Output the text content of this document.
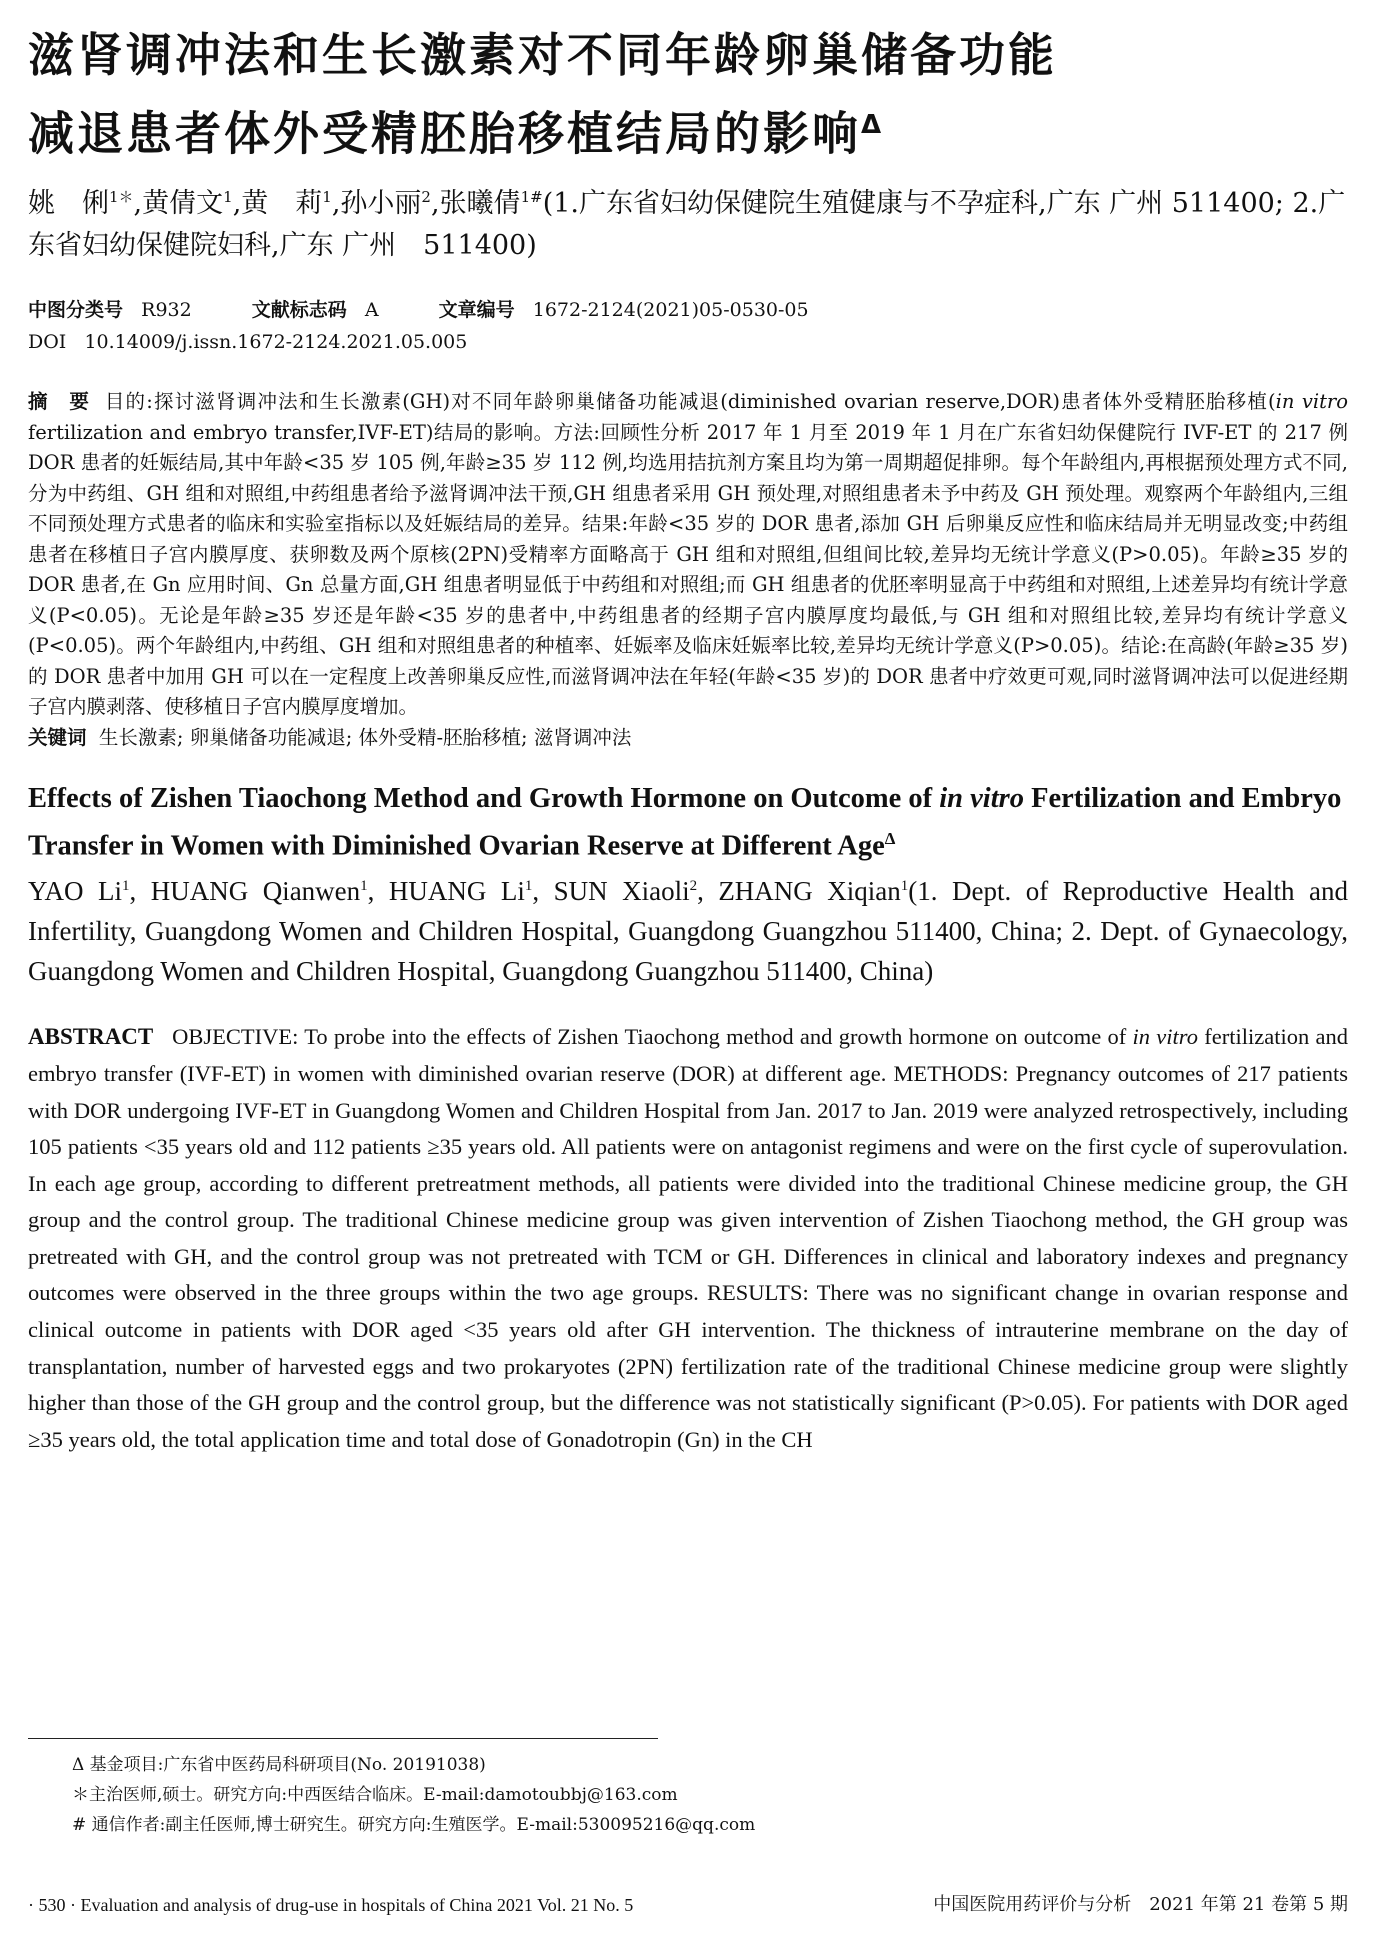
滋肾调冲法和生长激素对不同年龄卵巢储备功能
减退患者体外受精胚胎移植结局的影响$^\Delta$
姚　俐$^{1*}$,黄倩文$^1$,黄　莉$^1$,孙小丽$^2$,张曦倩$^{1\#}$(1.广东省妇幼保健院生殖健康与不孕症科,广东 广州 511400; 2.广东省妇幼保健院妇科,广东 广州　511400)
中图分类号 R932	文献标志码 A	文章编号 1672-2124(2021)05-0530-05
DOI 10.14009/j.issn.1672-2124.2021.05.005
摘　要 目的:探讨滋肾调冲法和生长激素(GH)对不同年龄卵巢储备功能减退(diminished ovarian reserve,DOR)患者体外受精胚胎移植(in vitro fertilization and embryo transfer,IVF-ET)结局的影响。方法:回顾性分析 2017 年 1 月至 2019 年 1 月在广东省妇幼保健院行 IVF-ET 的 217 例 DOR 患者的妊娠结局,其中年龄<35 岁 105 例,年龄≥35 岁 112 例,均选用拮抗剂方案且均为第一周期超促排卵。每个年龄组内,再根据预处理方式不同,分为中药组、GH 组和对照组,中药组患者给予滋肾调冲法干预,GH 组患者采用 GH 预处理,对照组患者未予中药及 GH 预处理。观察两个年龄组内,三组不同预处理方式患者的临床和实验室指标以及妊娠结局的差异。结果:年龄<35 岁的 DOR 患者,添加 GH 后卵巢反应性和临床结局并无明显改变;中药组患者在移植日子宫内膜厚度、获卵数及两个原核(2PN)受精率方面略高于 GH 组和对照组,但组间比较,差异均无统计学意义(P>0.05)。年龄≥35 岁的 DOR 患者,在 Gn 应用时间、Gn 总量方面,GH 组患者明显低于中药组和对照组;而 GH 组患者的优胚率明显高于中药组和对照组,上述差异均有统计学意义(P<0.05)。无论是年龄≥35 岁还是年龄<35 岁的患者中,中药组患者的经期子宫内膜厚度均最低,与 GH 组和对照组比较,差异均有统计学意义(P<0.05)。两个年龄组内,中药组、GH 组和对照组患者的种植率、妊娠率及临床妊娠率比较,差异均无统计学意义(P>0.05)。结论:在高龄(年龄≥35 岁)的 DOR 患者中加用 GH 可以在一定程度上改善卵巢反应性,而滋肾调冲法在年轻(年龄<35 岁)的 DOR 患者中疗效更可观,同时滋肾调冲法可以促进经期子宫内膜剥落、使移植日子宫内膜厚度增加。
关键词 生长激素; 卵巢储备功能减退; 体外受精-胚胎移植; 滋肾调冲法
Effects of Zishen Tiaochong Method and Growth Hormone on Outcome of in vitro Fertilization and Embryo Transfer in Women with Diminished Ovarian Reserve at Different Age$^\Delta$
YAO Li$^1$, HUANG Qianwen$^1$, HUANG Li$^1$, SUN Xiaoli$^2$, ZHANG Xiqian$^1$(1. Dept. of Reproductive Health and Infertility, Guangdong Women and Children Hospital, Guangdong Guangzhou 511400, China; 2. Dept. of Gynaecology, Guangdong Women and Children Hospital, Guangdong Guangzhou 511400, China)
ABSTRACT OBJECTIVE: To probe into the effects of Zishen Tiaochong method and growth hormone on outcome of in vitro fertilization and embryo transfer (IVF-ET) in women with diminished ovarian reserve (DOR) at different age. METHODS: Pregnancy outcomes of 217 patients with DOR undergoing IVF-ET in Guangdong Women and Children Hospital from Jan. 2017 to Jan. 2019 were analyzed retrospectively, including 105 patients <35 years old and 112 patients ≥35 years old. All patients were on antagonist regimens and were on the first cycle of superovulation. In each age group, according to different pretreatment methods, all patients were divided into the traditional Chinese medicine group, the GH group and the control group. The traditional Chinese medicine group was given intervention of Zishen Tiaochong method, the GH group was pretreated with GH, and the control group was not pretreated with TCM or GH. Differences in clinical and laboratory indexes and pregnancy outcomes were observed in the three groups within the two age groups. RESULTS: There was no significant change in ovarian response and clinical outcome in patients with DOR aged <35 years old after GH intervention. The thickness of intrauterine membrane on the day of transplantation, number of harvested eggs and two prokaryotes (2PN) fertilization rate of the traditional Chinese medicine group were slightly higher than those of the GH group and the control group, but the difference was not statistically significant (P>0.05). For patients with DOR aged ≥35 years old, the total application time and total dose of Gonadotropin (Gn) in the CH
Δ 基金项目:广东省中医药局科研项目(No. 20191038)
＊主治医师,硕士。研究方向:中西医结合临床。E-mail:damotoubbj@163.com
# 通信作者:副主任医师,博士研究生。研究方向:生殖医学。E-mail:530095216@qq.com
· 530 · Evaluation and analysis of drug-use in hospitals of China 2021 Vol. 21 No. 5	中国医院用药评价与分析　2021 年第 21 卷第 5 期
